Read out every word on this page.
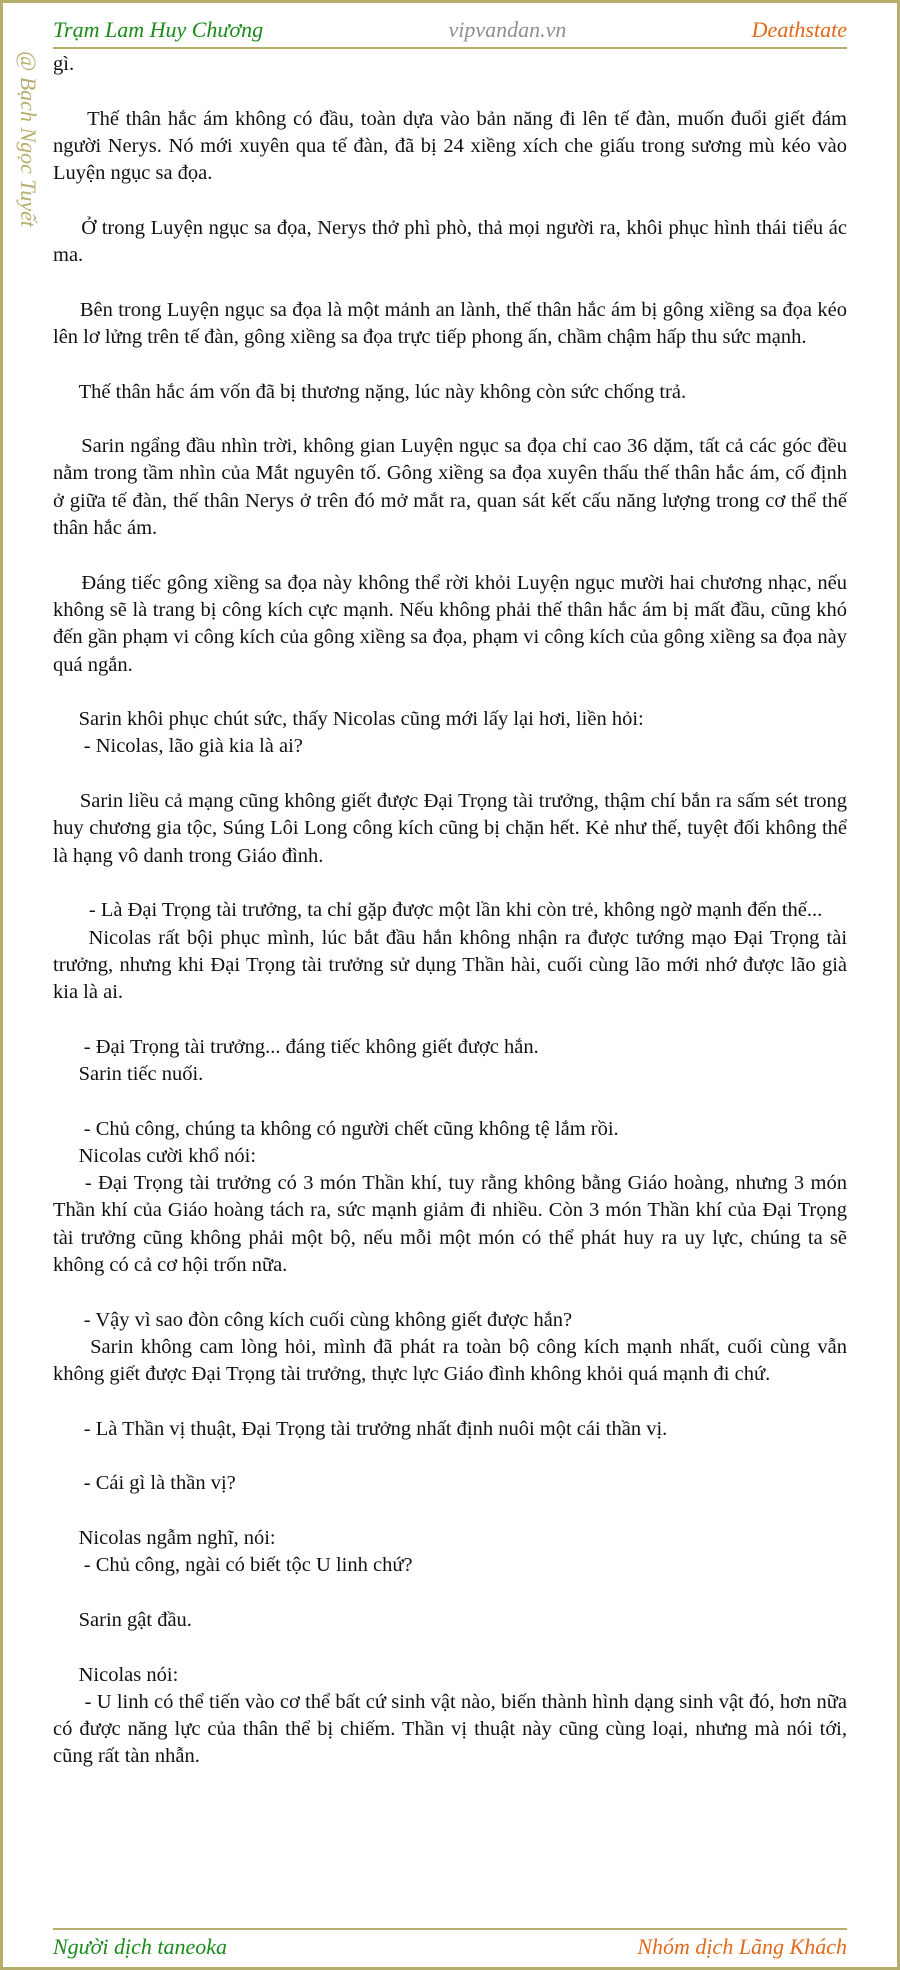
Trạm Lam Huy Chương	vipvandan.vn	Deathstate
@ Bạch Ngọc Tuyết gì.

Thế thân hắc ám không có đầu, toàn dựa vào bản năng đi lên tế đàn, muốn đuổi giết đám người Nerys. Nó mới xuyên qua tế đàn, đã bị 24 xiềng xích che giấu trong sương mù kéo vào Luyện ngục sa đọa.

Ở trong Luyện ngục sa đọa, Nerys thở phì phò, thả mọi người ra, khôi phục hình thái tiểu ác ma.

Bên trong Luyện ngục sa đọa là một mảnh an lành, thế thân hắc ám bị gông xiềng sa đọa kéo lên lơ lửng trên tế đàn, gông xiềng sa đọa trực tiếp phong ấn, chầm chậm hấp thu sức mạnh.

Thế thân hắc ám vốn đã bị thương nặng, lúc này không còn sức chống trả.

Sarin ngẩng đầu nhìn trời, không gian Luyện ngục sa đọa chỉ cao 36 dặm, tất cả các góc đều nằm trong tầm nhìn của Mắt nguyên tố. Gông xiềng sa đọa xuyên thấu thế thân hắc ám, cố định ở giữa tế đàn, thế thân Nerys ở trên đó mở mắt ra, quan sát kết cấu năng lượng trong cơ thể thế thân hắc ám.

Đáng tiếc gông xiềng sa đọa này không thể rời khỏi Luyện ngục mười hai chương nhạc, nếu không sẽ là trang bị công kích cực mạnh. Nếu không phải thế thân hắc ám bị mất đầu, cũng khó đến gần phạm vi công kích của gông xiềng sa đọa, phạm vi công kích của gông xiềng sa đọa này quá ngắn.

Sarin khôi phục chút sức, thấy Nicolas cũng mới lấy lại hơi, liền hỏi:

- Nicolas, lão già kia là ai?

Sarin liều cả mạng cũng không giết được Đại Trọng tài trưởng, thậm chí bắn ra sấm sét trong huy chương gia tộc, Súng Lôi Long công kích cũng bị chặn hết. Kẻ như thế, tuyệt đối không thể là hạng vô danh trong Giáo đình.

- Là Đại Trọng tài trưởng, ta chỉ gặp được một lần khi còn trẻ, không ngờ mạnh đến thế...

Nicolas rất bội phục mình, lúc bắt đầu hắn không nhận ra được tướng mạo Đại Trọng tài trưởng, nhưng khi Đại Trọng tài trưởng sử dụng Thần hài, cuối cùng lão mới nhớ được lão già kia là ai.

- Đại Trọng tài trưởng... đáng tiếc không giết được hắn.

Sarin tiếc nuối.

- Chủ công, chúng ta không có người chết cũng không tệ lắm rồi.

Nicolas cười khổ nói:

- Đại Trọng tài trưởng có 3 món Thần khí, tuy rằng không bằng Giáo hoàng, nhưng 3 món Thần khí của Giáo hoàng tách ra, sức mạnh giảm đi nhiều. Còn 3 món Thần khí của Đại Trọng tài trưởng cũng không phải một bộ, nếu mỗi một món có thể phát huy ra uy lực, chúng ta sẽ không có cả cơ hội trốn nữa.

- Vậy vì sao đòn công kích cuối cùng không giết được hắn?

Sarin không cam lòng hỏi, mình đã phát ra toàn bộ công kích mạnh nhất, cuối cùng vẫn không giết được Đại Trọng tài trưởng, thực lực Giáo đình không khỏi quá mạnh đi chứ.

- Là Thần vị thuật, Đại Trọng tài trưởng nhất định nuôi một cái thần vị.

- Cái gì là thần vị?

Nicolas ngẫm nghĩ, nói:

- Chủ công, ngài có biết tộc U linh chứ?

Sarin gật đầu.

Nicolas nói:

- U linh có thể tiến vào cơ thể bất cứ sinh vật nào, biến thành hình dạng sinh vật đó, hơn nữa có được năng lực của thân thể bị chiếm. Thần vị thuật này cũng cùng loại, nhưng mà nói tới, cũng rất tàn nhẫn.

Người dịch taneoka	Nhóm dịch Lãng Khách
